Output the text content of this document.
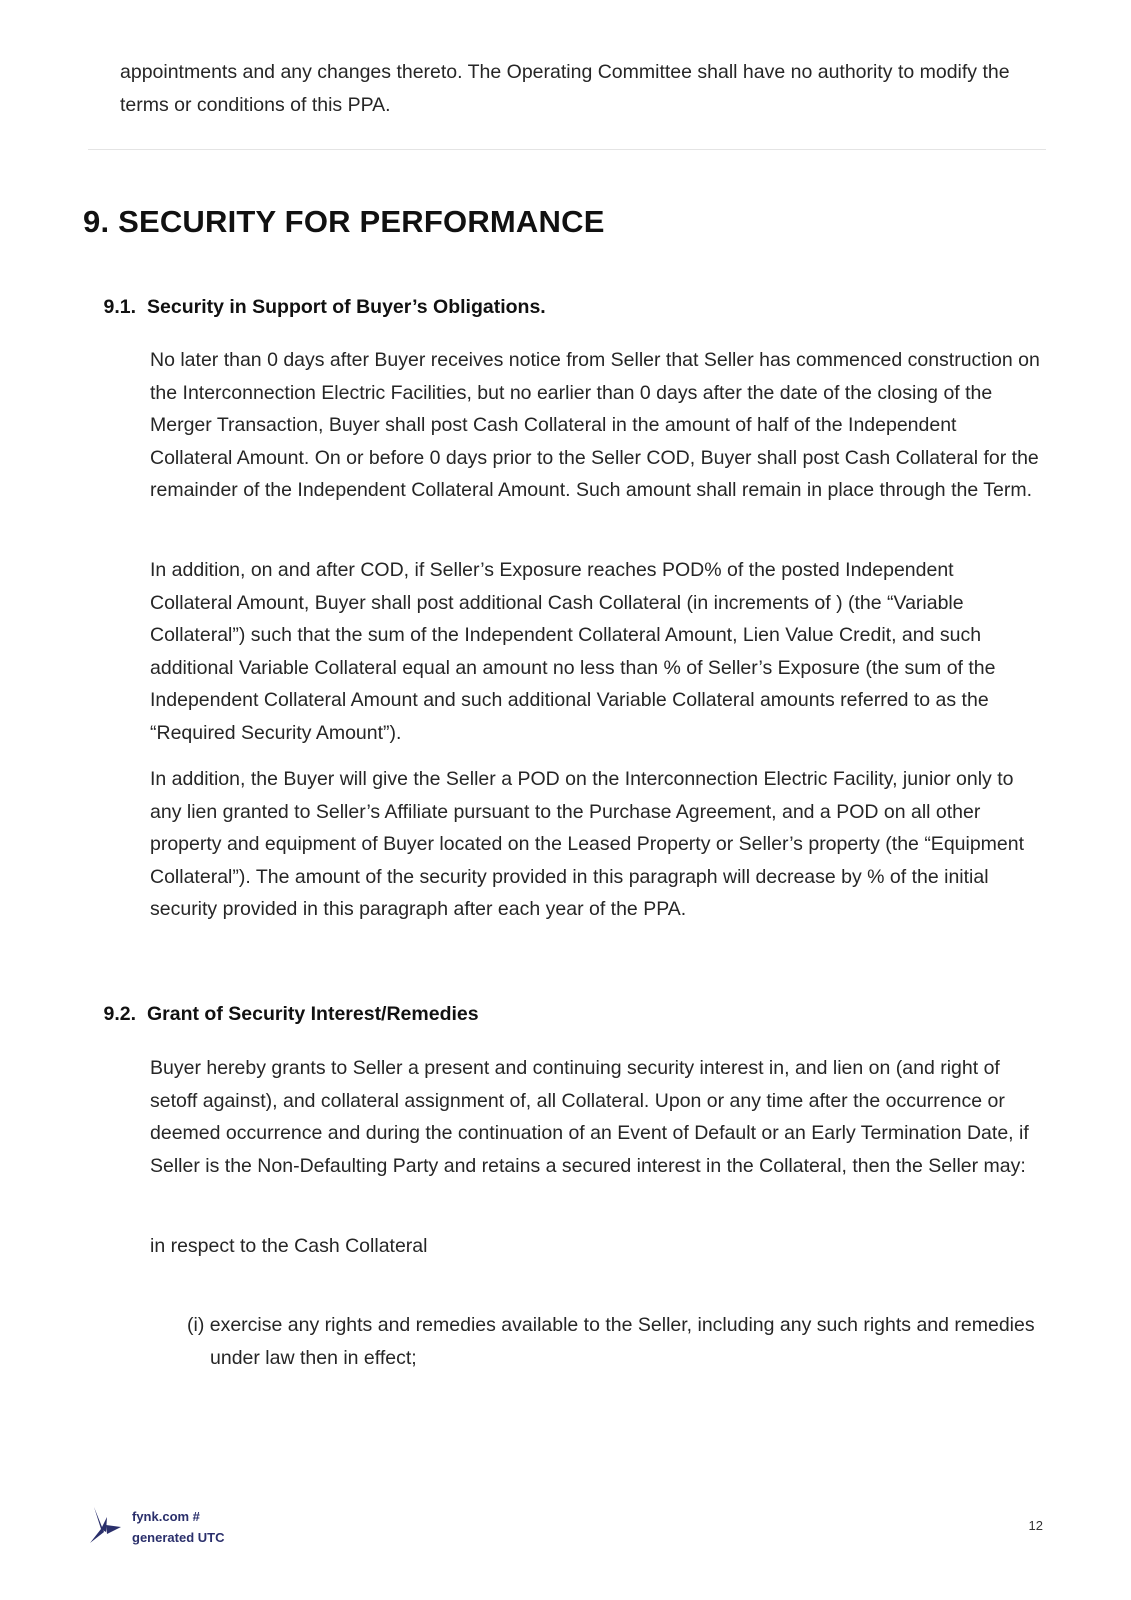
appointments and any changes thereto. The Operating Committee shall have no authority to modify the terms or conditions of this PPA.

9. SECURITY FOR PERFORMANCE
9.1. Security in Support of Buyer’s Obligations.

No later than 0 days after Buyer receives notice from Seller that Seller has commenced construction on the Interconnection Electric Facilities, but no earlier than 0 days after the date of the closing of the Merger Transaction, Buyer shall post Cash Collateral in the amount of half of the Independent Collateral Amount. On or before 0 days prior to the Seller COD, Buyer shall post Cash Collateral for the remainder of the Independent Collateral Amount. Such amount shall remain in place through the Term.

In addition, on and after COD, if Seller’s Exposure reaches POD% of the posted Independent Collateral Amount, Buyer shall post additional Cash Collateral (in increments of ) (the “Variable Collateral”) such that the sum of the Independent Collateral Amount, Lien Value Credit, and such additional Variable Collateral equal an amount no less than % of Seller’s Exposure (the sum of the Independent Collateral Amount and such additional Variable Collateral amounts referred to as the “Required Security Amount”).

In addition, the Buyer will give the Seller a POD on the Interconnection Electric Facility, junior only to any lien granted to Seller’s Affiliate pursuant to the Purchase Agreement, and a POD on all other property and equipment of Buyer located on the Leased Property or Seller’s property (the “Equipment Collateral”). The amount of the security provided in this paragraph will decrease by % of the initial security provided in this paragraph after each year of the PPA.

9.2. Grant of Security Interest/Remedies

Buyer hereby grants to Seller a present and continuing security interest in, and lien on (and right of setoff against), and collateral assignment of, all Collateral. Upon or any time after the occurrence or deemed occurrence and during the continuation of an Event of Default or an Early Termination Date, if Seller is the Non-Defaulting Party and retains a secured interest in the Collateral, then the Seller may:

in respect to the Cash Collateral

(i) exercise any rights and remedies available to the Seller, including any such rights and remedies under law then in effect;

fynk.com #
generated UTC
12
